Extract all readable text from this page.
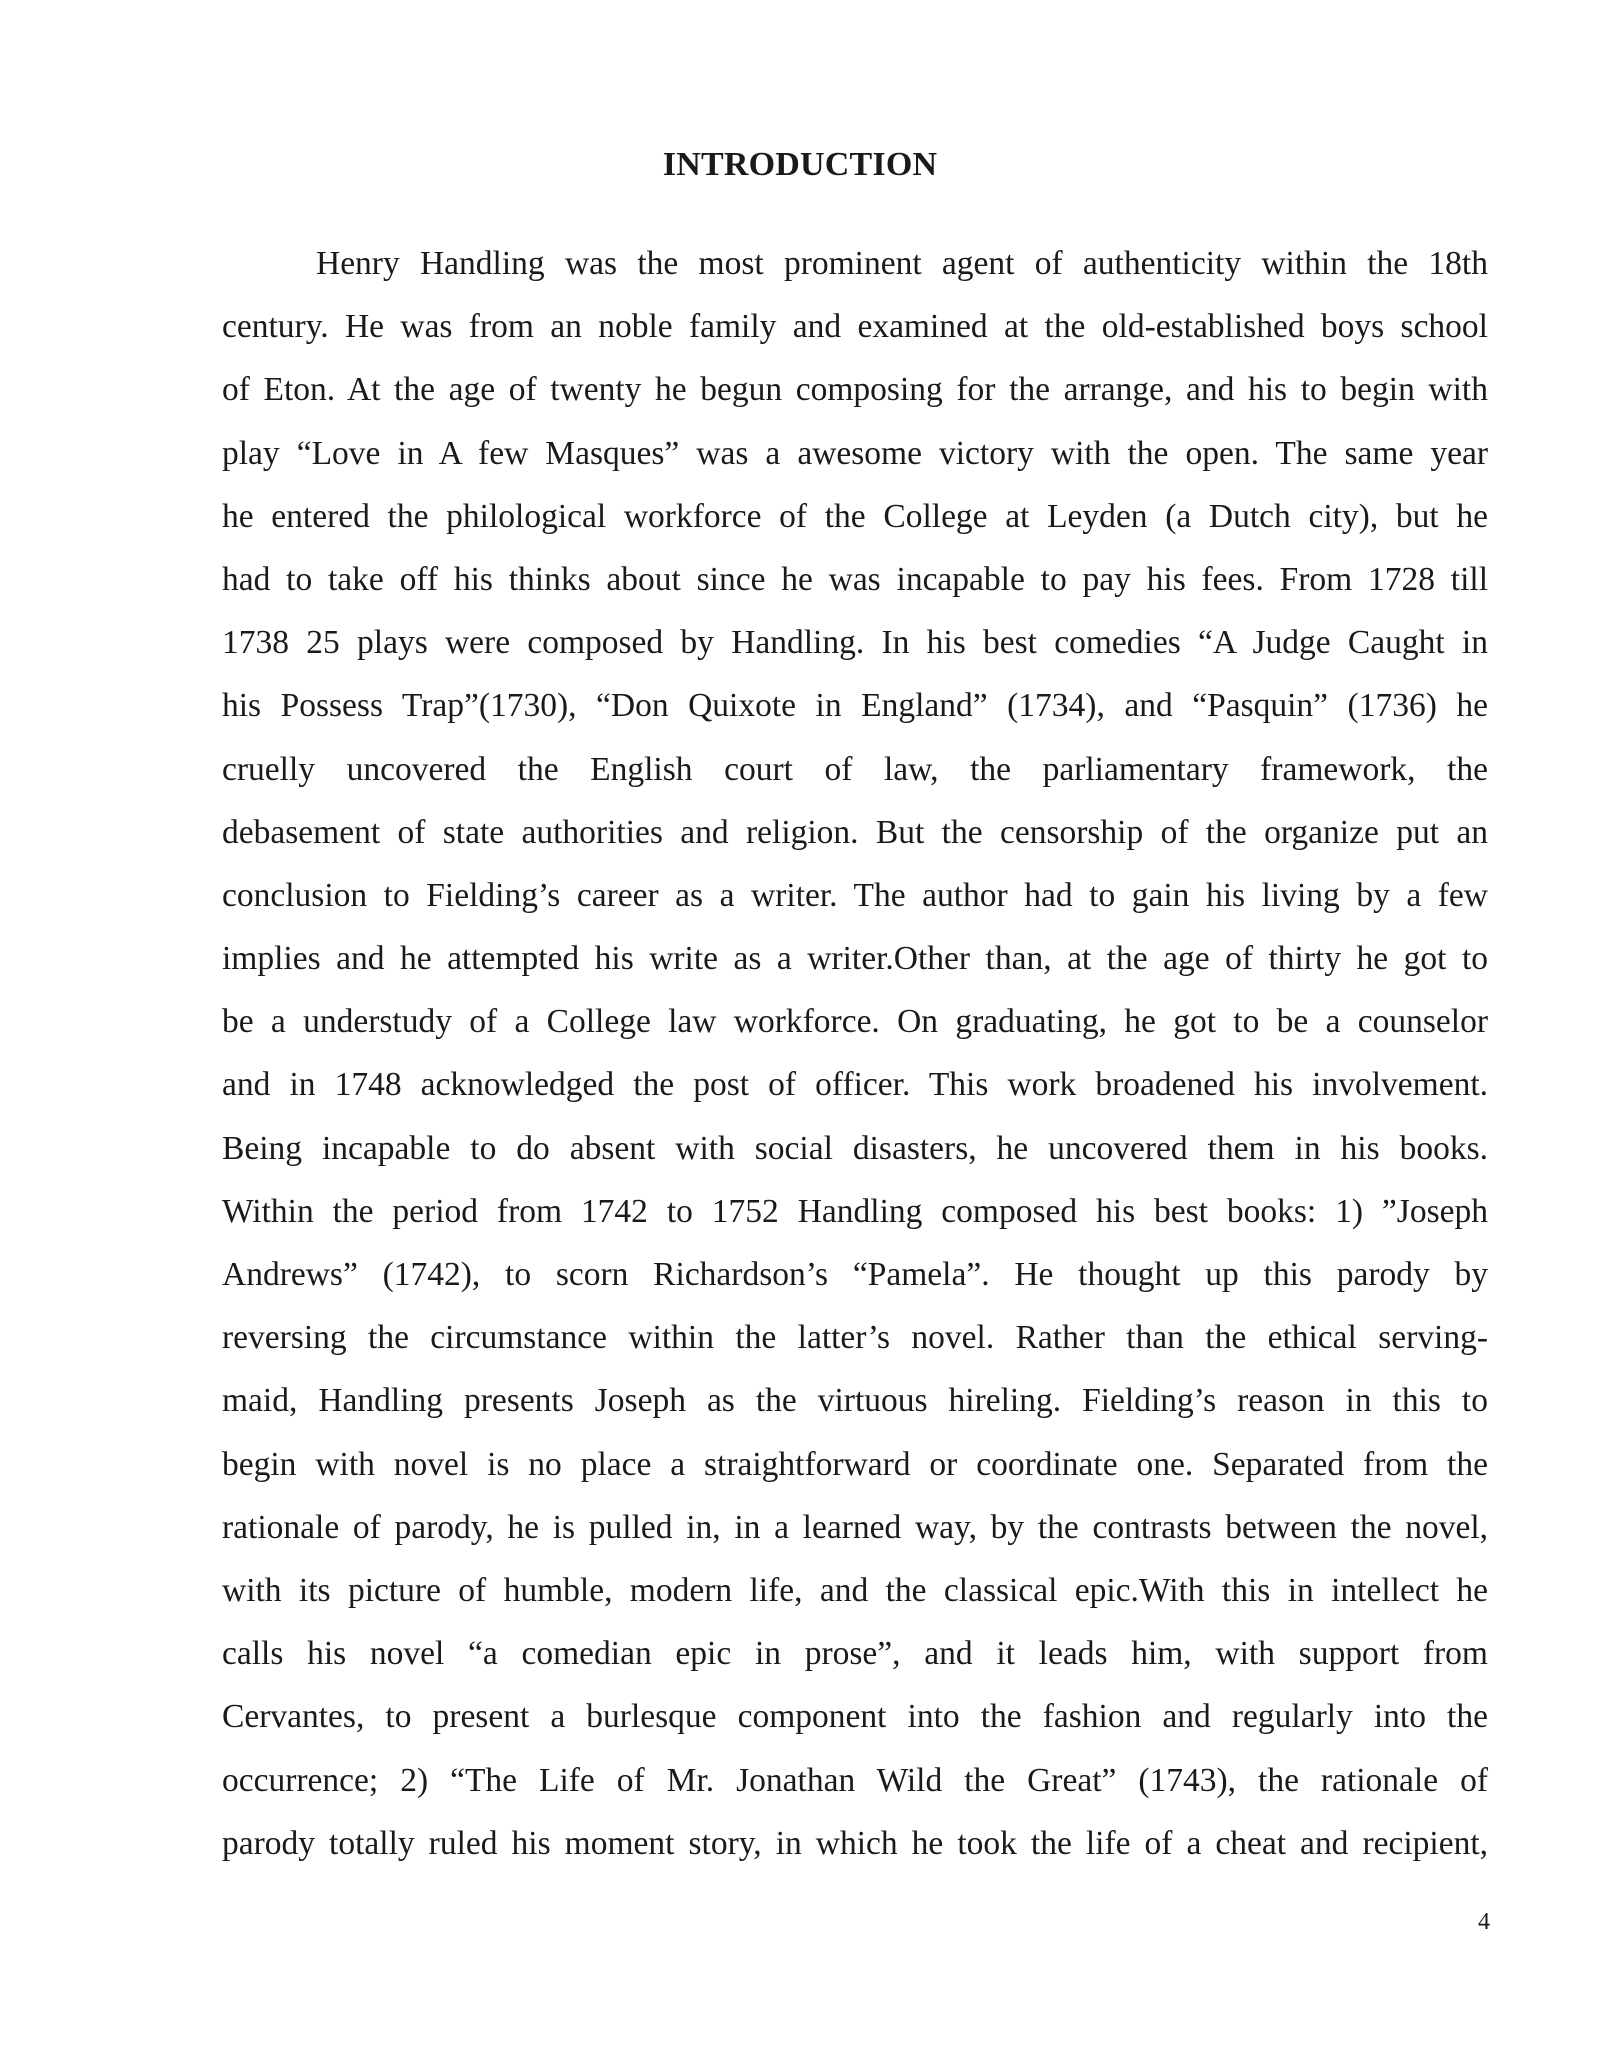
INTRODUCTION
Henry Handling was the most prominent agent of authenticity within the 18th
century. He was from an noble family and examined at the old-established boys school
of Eton. At the age of twenty he begun composing for the arrange, and his to begin with
play “Love in A few Masques” was a awesome victory with the open. The same year
he entered the philological workforce of the College at Leyden (a Dutch city), but he
had to take off his thinks about since he was incapable to pay his fees. From 1728 till
1738 25 plays were composed by Handling. In his best comedies “A Judge Caught in
his Possess Trap”(1730), “Don Quixote in England” (1734), and “Pasquin” (1736) he
cruelly uncovered the English court of law, the parliamentary framework, the
debasement of state authorities and religion. But the censorship of the organize put an
conclusion to Fielding’s career as a writer. The author had to gain his living by a few
implies and he attempted his write as a writer.Other than, at the age of thirty he got to
be a understudy of a College law workforce. On graduating, he got to be a counselor
and in 1748 acknowledged the post of officer. This work broadened his involvement.
Being incapable to do absent with social disasters, he uncovered them in his books.
Within the period from 1742 to 1752 Handling composed his best books: 1) ”Joseph
Andrews” (1742), to scorn Richardson’s “Pamela”. He thought up this parody by
reversing the circumstance within the latter’s novel. Rather than the ethical serving-
maid, Handling presents Joseph as the virtuous hireling. Fielding’s reason in this to
begin with novel is no place a straightforward or coordinate one. Separated from the
rationale of parody, he is pulled in, in a learned way, by the contrasts between the novel,
with its picture of humble, modern life, and the classical epic.With this in intellect he
calls his novel “a comedian epic in prose”, and it leads him, with support from
Cervantes, to present a burlesque component into the fashion and regularly into the
occurrence; 2) “The Life of Mr. Jonathan Wild the Great” (1743), the rationale of
parody totally ruled his moment story, in which he took the life of a cheat and recipient,
4
